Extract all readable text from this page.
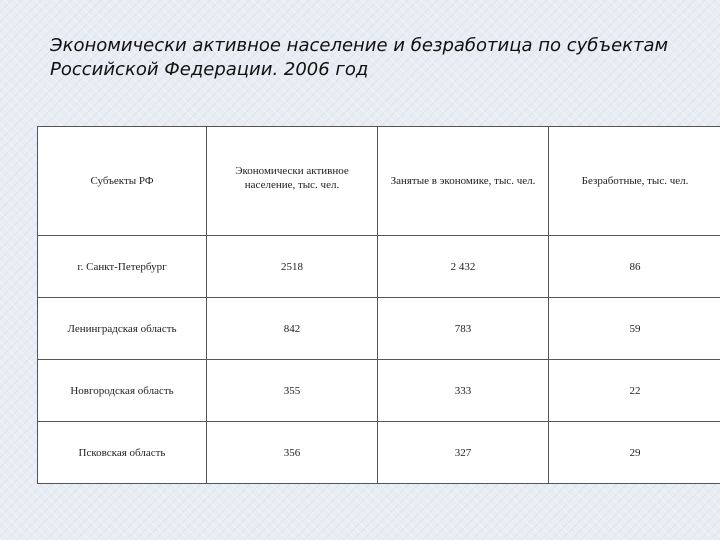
Экономически активное население и безработица по субъектам Российской Федерации. 2006 год
Субъекты РФ	Экономически активное население, тыс. чел.	Занятые в экономике, тыс. чел.	Безработные, тыс. чел.
г. Санкт-Петербург	2518	2 432	86
Ленинградская область	842	783	59
Новгородская область	355	333	22
Псковская область	356	327	29
